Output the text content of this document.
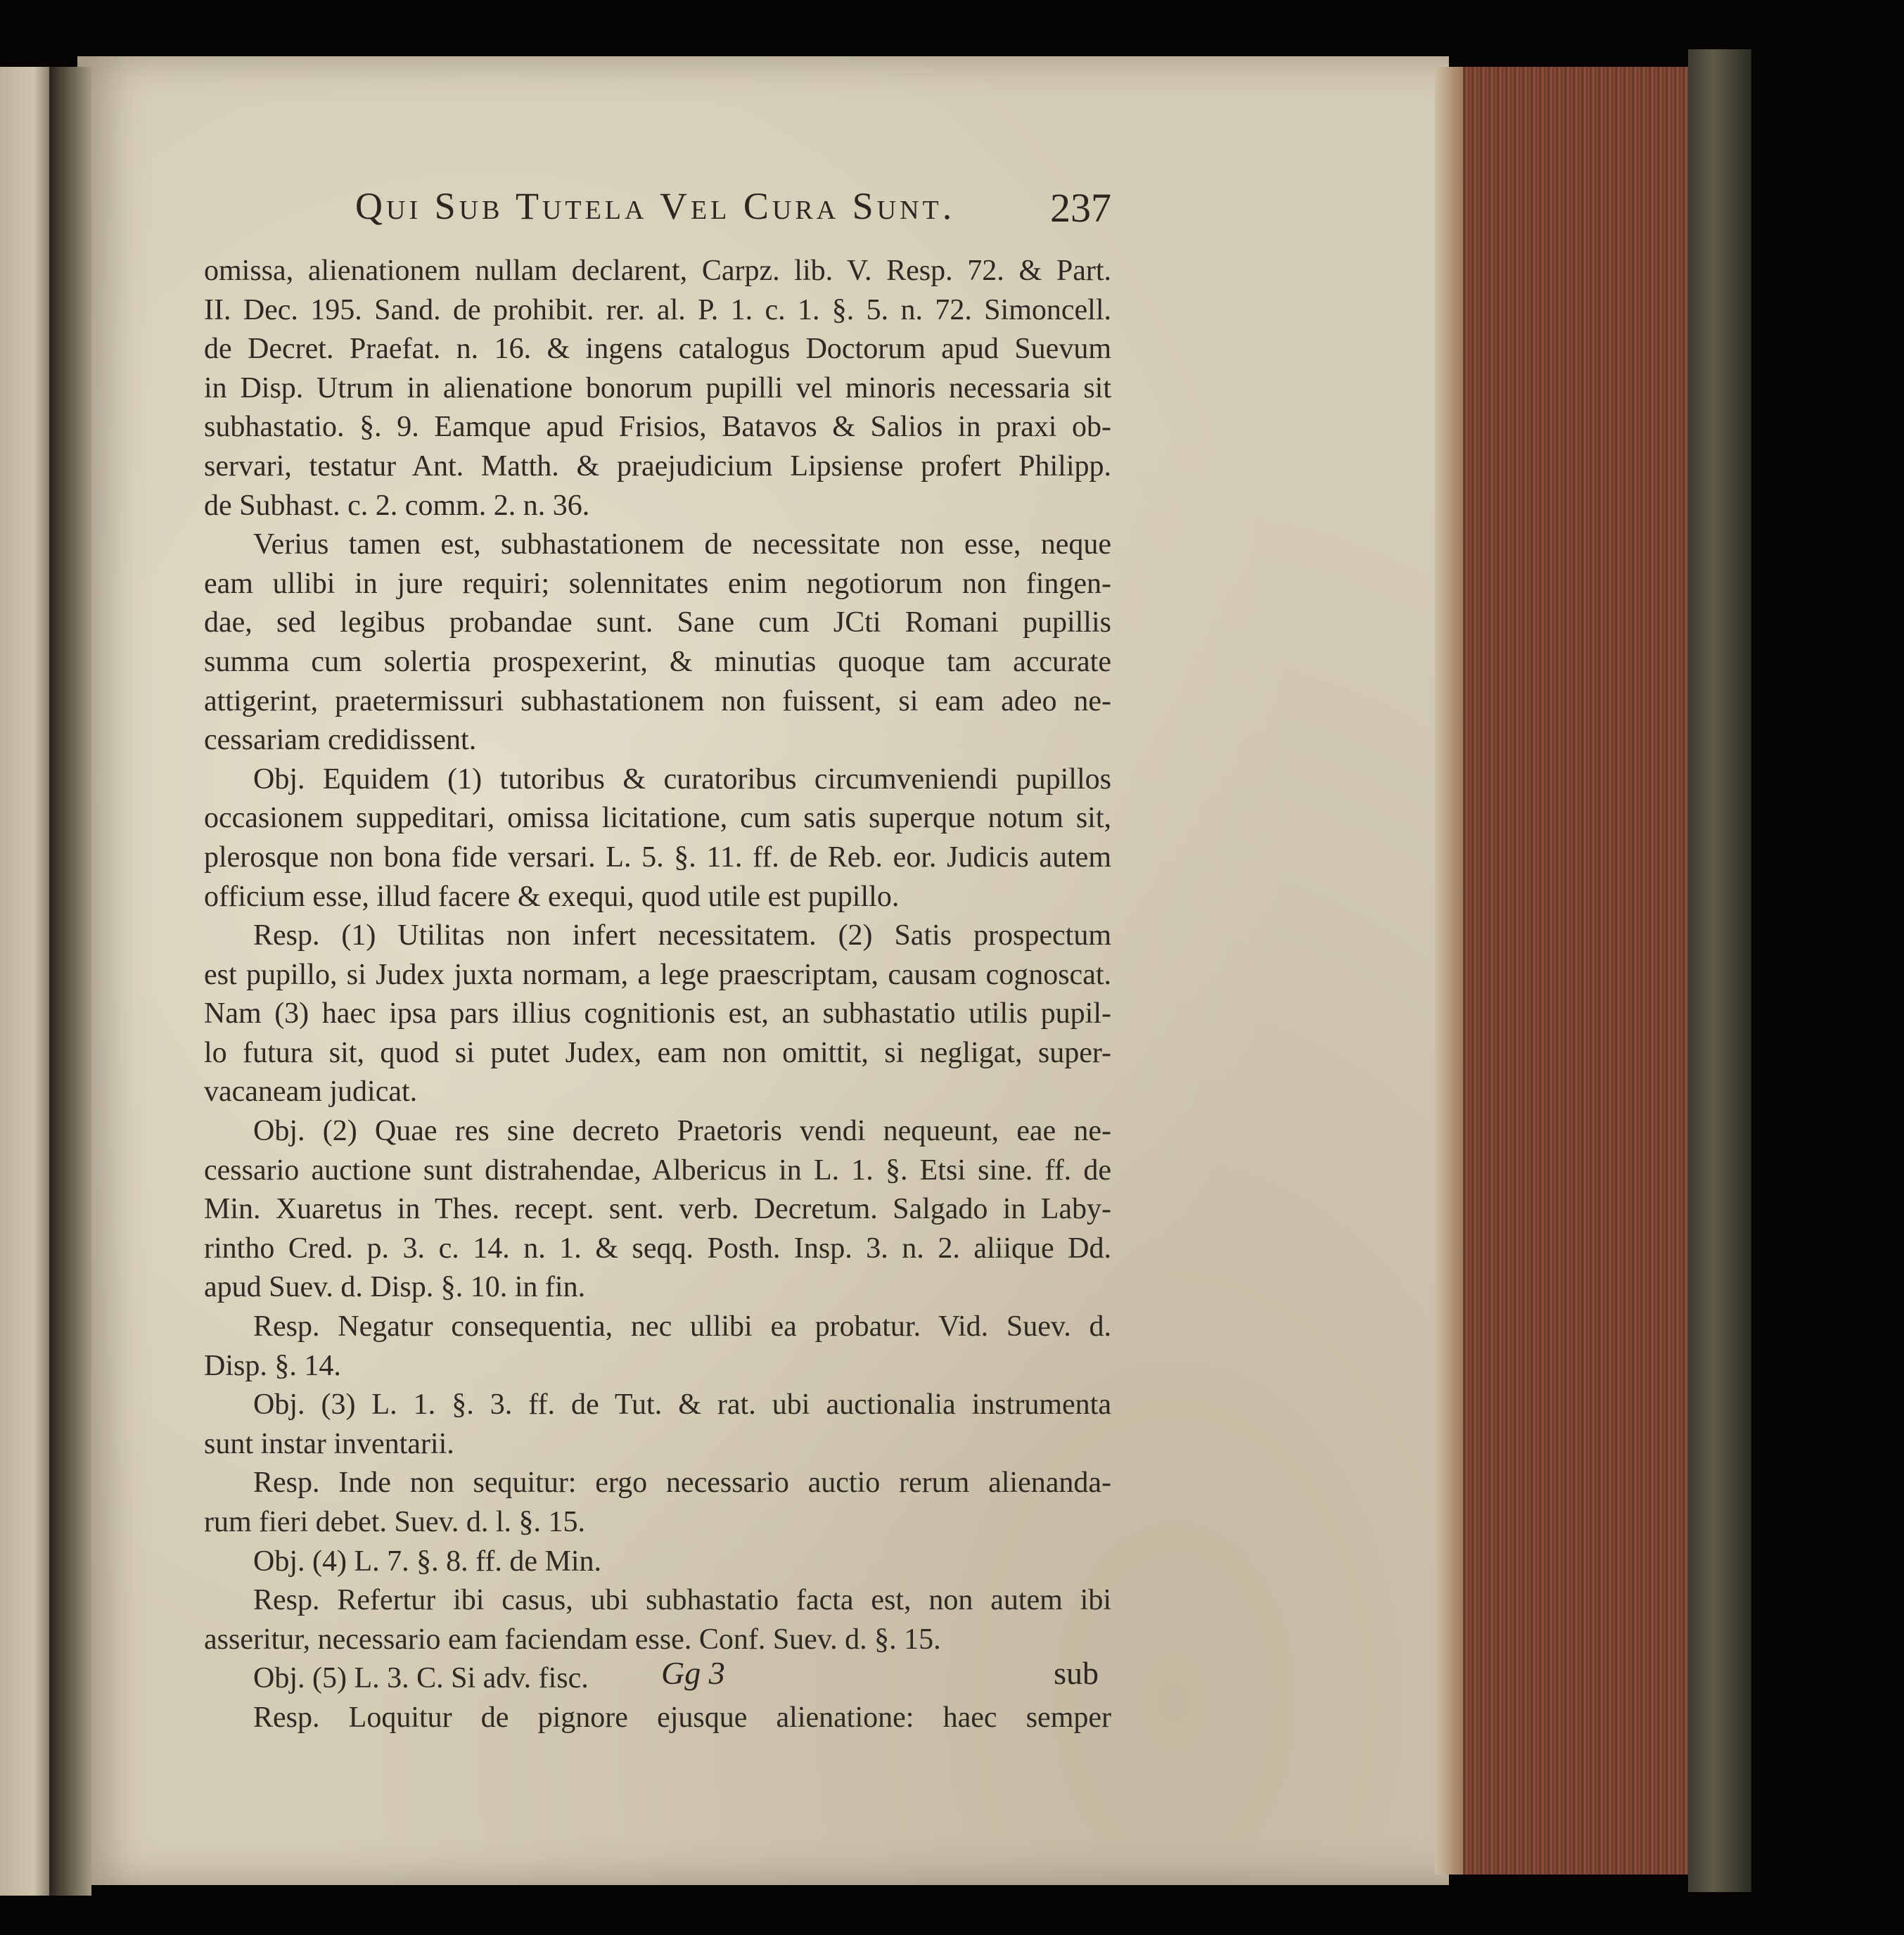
Qui Sub Tutela Vel Cura Sunt. 237
omissa, alienationem nullam declarent, Carpz. lib. V. Resp. 72. & Part.
II. Dec. 195. Sand. de prohibit. rer. al. P. 1. c. 1. §. 5. n. 72. Simoncell.
de Decret. Praefat. n. 16. & ingens catalogus Doctorum apud Suevum
in Disp. Utrum in alienatione bonorum pupilli vel minoris necessaria sit
subhastatio. §. 9. Eamque apud Frisios, Batavos & Salios in praxi ob-
servari, testatur Ant. Matth. & praejudicium Lipsiense profert Philipp.
de Subhast. c. 2. comm. 2. n. 36.
Verius tamen est, subhastationem de necessitate non esse, neque
eam ullibi in jure requiri; solennitates enim negotiorum non fingen-
dae, sed legibus probandae sunt. Sane cum JCti Romani pupillis
summa cum solertia prospexerint, & minutias quoque tam accurate
attigerint, praetermissuri subhastationem non fuissent, si eam adeo ne-
cessariam credidissent.
Obj. Equidem (1) tutoribus & curatoribus circumveniendi pupillos
occasionem suppeditari, omissa licitatione, cum satis superque notum sit,
plerosque non bona fide versari. L. 5. §. 11. ff. de Reb. eor. Judicis autem
officium esse, illud facere & exequi, quod utile est pupillo.
Resp. (1) Utilitas non infert necessitatem. (2) Satis prospectum
est pupillo, si Judex juxta normam, a lege praescriptam, causam cognoscat.
Nam (3) haec ipsa pars illius cognitionis est, an subhastatio utilis pupil-
lo futura sit, quod si putet Judex, eam non omittit, si negligat, super-
vacaneam judicat.
Obj. (2) Quae res sine decreto Praetoris vendi nequeunt, eae ne-
cessario auctione sunt distrahendae, Albericus in L. 1. §. Etsi sine. ff. de
Min. Xuaretus in Thes. recept. sent. verb. Decretum. Salgado in Laby-
rintho Cred. p. 3. c. 14. n. 1. & seqq. Posth. Insp. 3. n. 2. aliique Dd.
apud Suev. d. Disp. §. 10. in fin.
Resp. Negatur consequentia, nec ullibi ea probatur. Vid. Suev. d.
Disp. §. 14.
Obj. (3) L. 1. §. 3. ff. de Tut. & rat. ubi auctionalia instrumenta
sunt instar inventarii.
Resp. Inde non sequitur: ergo necessario auctio rerum alienanda-
rum fieri debet. Suev. d. l. §. 15.
Obj. (4) L. 7. §. 8. ff. de Min.
Resp. Refertur ibi casus, ubi subhastatio facta est, non autem ibi
asseritur, necessario eam faciendam esse. Conf. Suev. d. §. 15.
Obj. (5) L. 3. C. Si adv. fisc.
Resp. Loquitur de pignore ejusque alienatione: haec semper
Gg 3	sub
